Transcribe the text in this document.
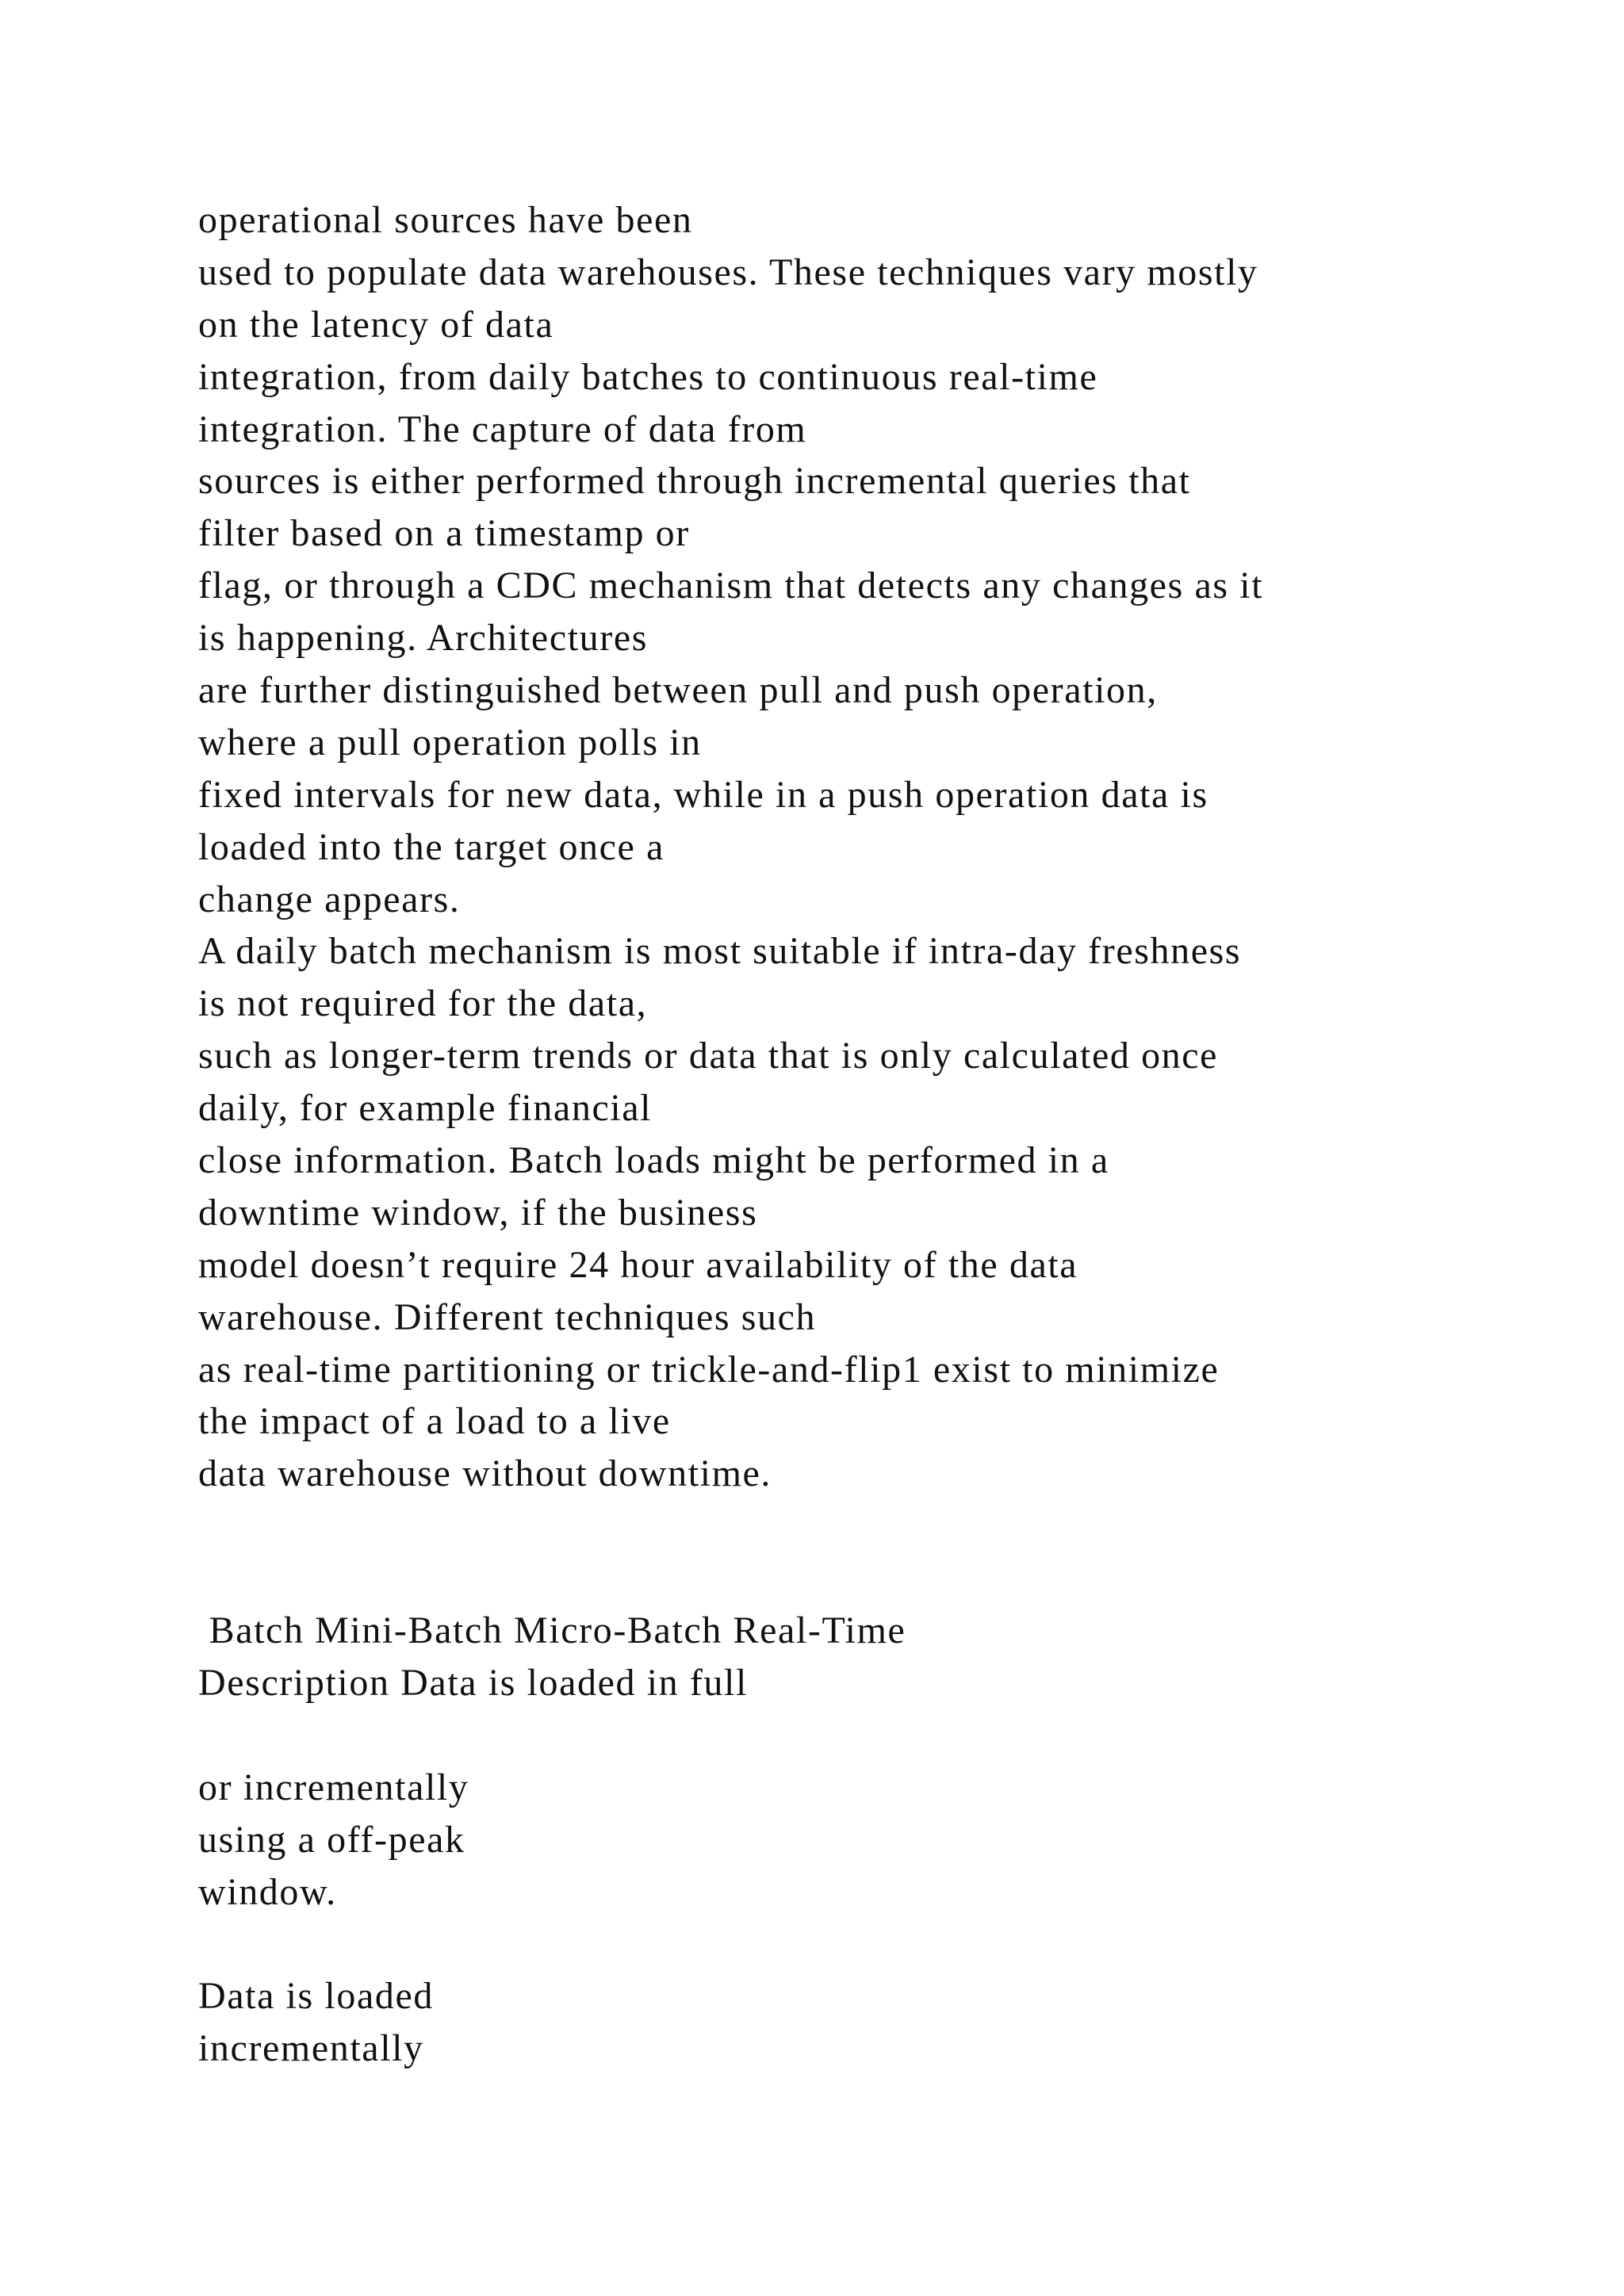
operational sources have been
used to populate data warehouses. These techniques vary mostly
on the latency of data
integration, from daily batches to continuous real-time
integration. The capture of data from
sources is either performed through incremental queries that
filter based on a timestamp or
flag, or through a CDC mechanism that detects any changes as it
is happening. Architectures
are further distinguished between pull and push operation,
where a pull operation polls in
fixed intervals for new data, while in a push operation data is
loaded into the target once a
change appears.
A daily batch mechanism is most suitable if intra-day freshness
is not required for the data,
such as longer-term trends or data that is only calculated once
daily, for example financial
close information. Batch loads might be performed in a
downtime window, if the business
model doesn’t require 24 hour availability of the data
warehouse. Different techniques such
as real-time partitioning or trickle-and-flip1 exist to minimize
the impact of a load to a live
data warehouse without downtime.
Batch Mini-Batch Micro-Batch Real-Time
Description Data is loaded in full
or incrementally
using a off-peak
window.
Data is loaded
incrementally
